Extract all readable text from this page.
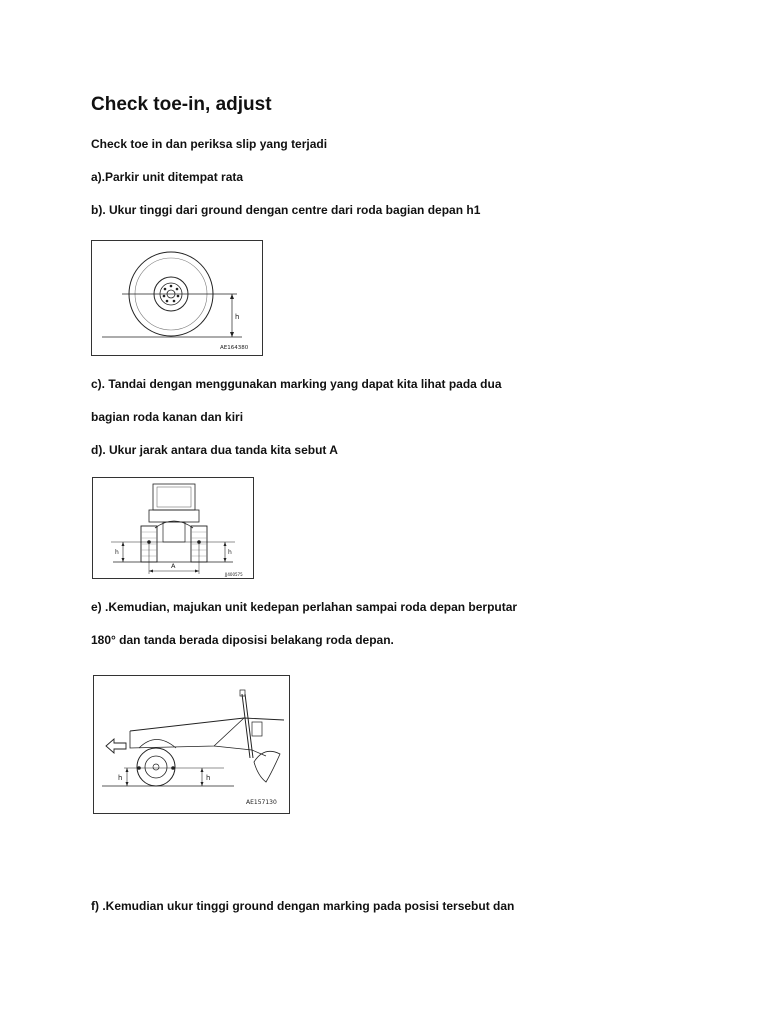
Check toe-in, adjust

Check toe in dan periksa slip yang terjadi

a).Parkir unit ditempat rata

b). Ukur tinggi dari ground dengan centre dari roda bagian depan h1

h
AE164380

c). Tandai dengan menggunakan marking yang dapat kita lihat pada dua

bagian roda kanan dan kiri

d). Ukur jarak antara dua tanda kita sebut A

h	h
A
JJ400575

e) .Kemudian, majukan unit kedepan perlahan sampai roda depan berputar

180° dan tanda berada diposisi belakang roda depan.

h	h
AE157130

f) .Kemudian ukur tinggi ground dengan marking pada posisi tersebut dan
